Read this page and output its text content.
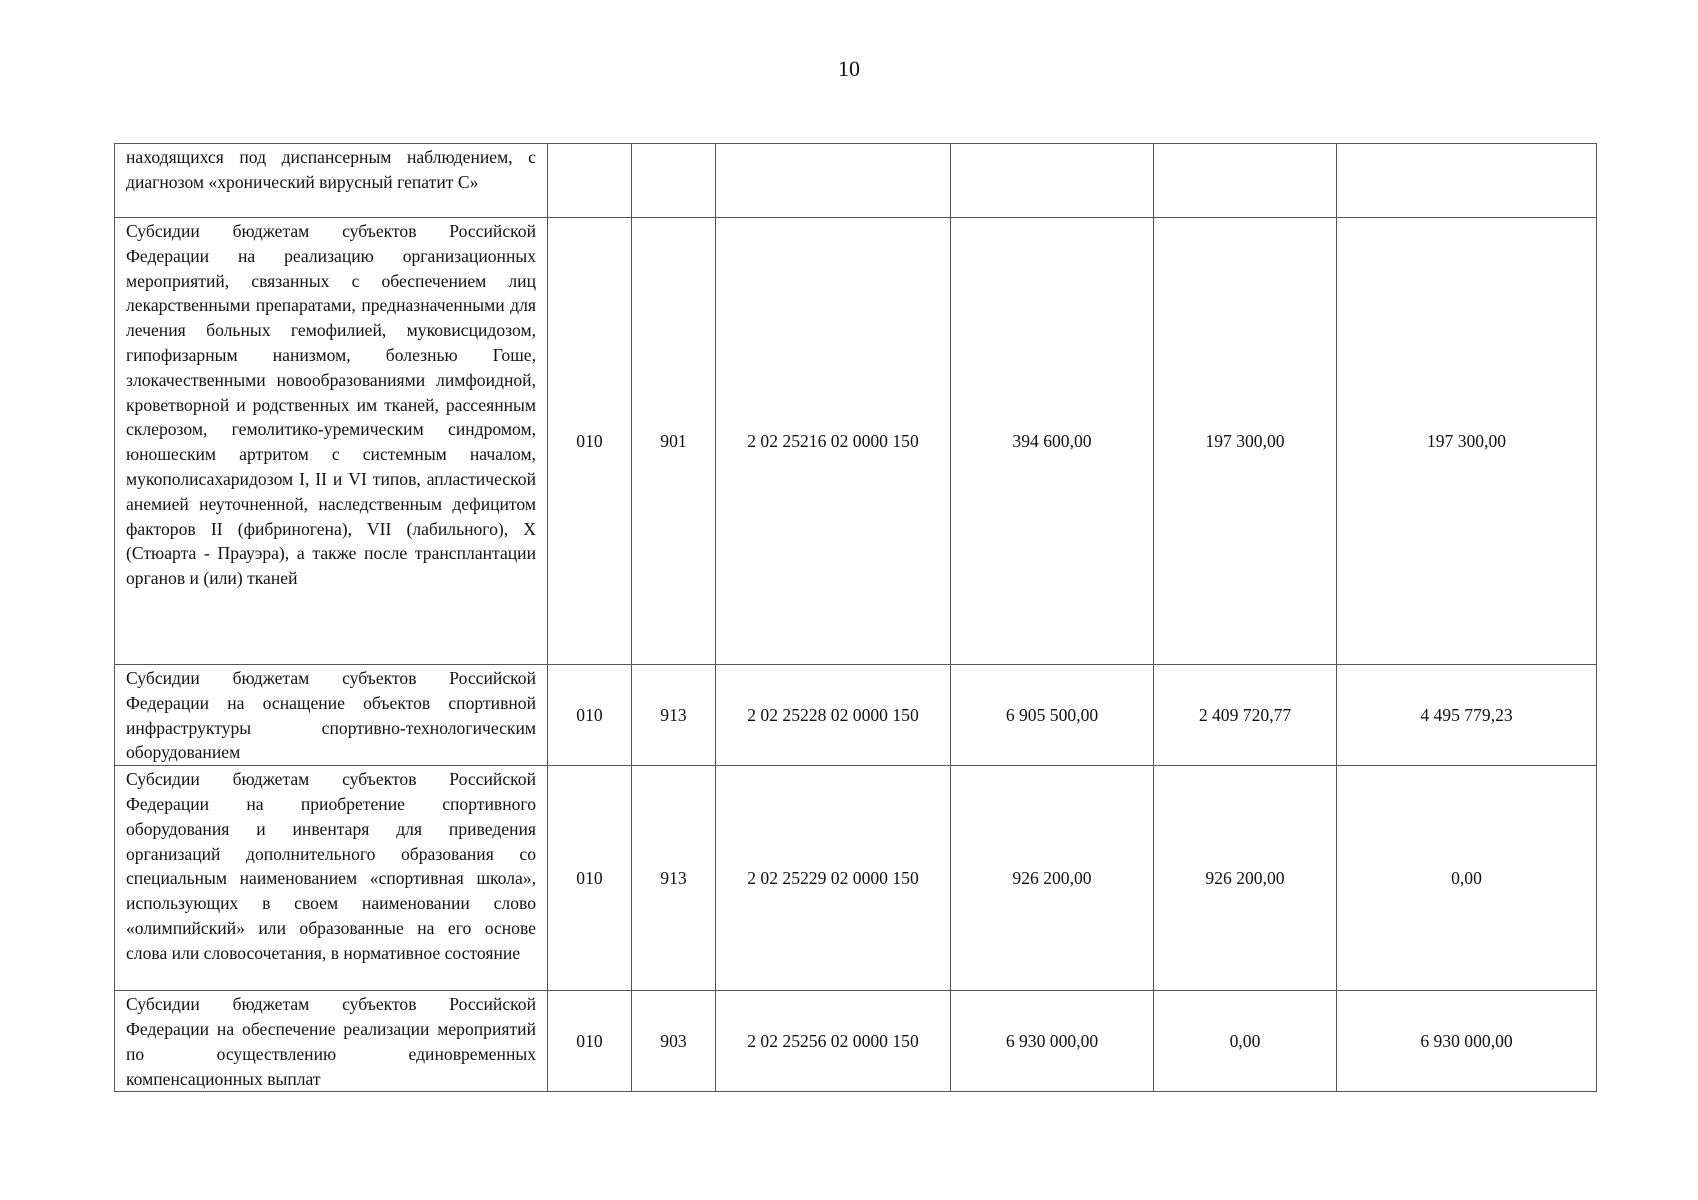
10
находящихся под диспансерным наблюдением, с диагнозом «хронический вирусный гепатит С»						
Субсидии бюджетам субъектов Российской Федерации на реализацию организационных мероприятий, связанных с обеспечением лиц лекарственными препаратами, предназначенными для лечения больных гемофилией, муковисцидозом, гипофизарным нанизмом, болезнью Гоше, злокачественными новообразованиями лимфоидной, кроветворной и родственных им тканей, рассеянным склерозом, гемолитико-уремическим синдромом, юношеским артритом с системным началом, мукополисахаридозом I, II и VI типов, апластической анемией неуточненной, наследственным дефицитом факторов II (фибриногена), VII (лабильного), X (Стюарта - Прауэра), а также после трансплантации органов и (или) тканей	010	901	2 02 25216 02 0000 150	394 600,00	197 300,00	197 300,00
Субсидии бюджетам субъектов Российской Федерации на оснащение объектов спортивной инфраструктуры спортивно-технологическим оборудованием	010	913	2 02 25228 02 0000 150	6 905 500,00	2 409 720,77	4 495 779,23
Субсидии бюджетам субъектов Российской Федерации на приобретение спортивного оборудования и инвентаря для приведения организаций дополнительного образования со специальным наименованием «спортивная школа», использующих в своем наименовании слово «олимпийский» или образованные на его основе слова или словосочетания, в нормативное состояние	010	913	2 02 25229 02 0000 150	926 200,00	926 200,00	0,00
Субсидии бюджетам субъектов Российской Федерации на обеспечение реализации мероприятий по осуществлению единовременных компенсационных выплат	010	903	2 02 25256 02 0000 150	6 930 000,00	0,00	6 930 000,00
